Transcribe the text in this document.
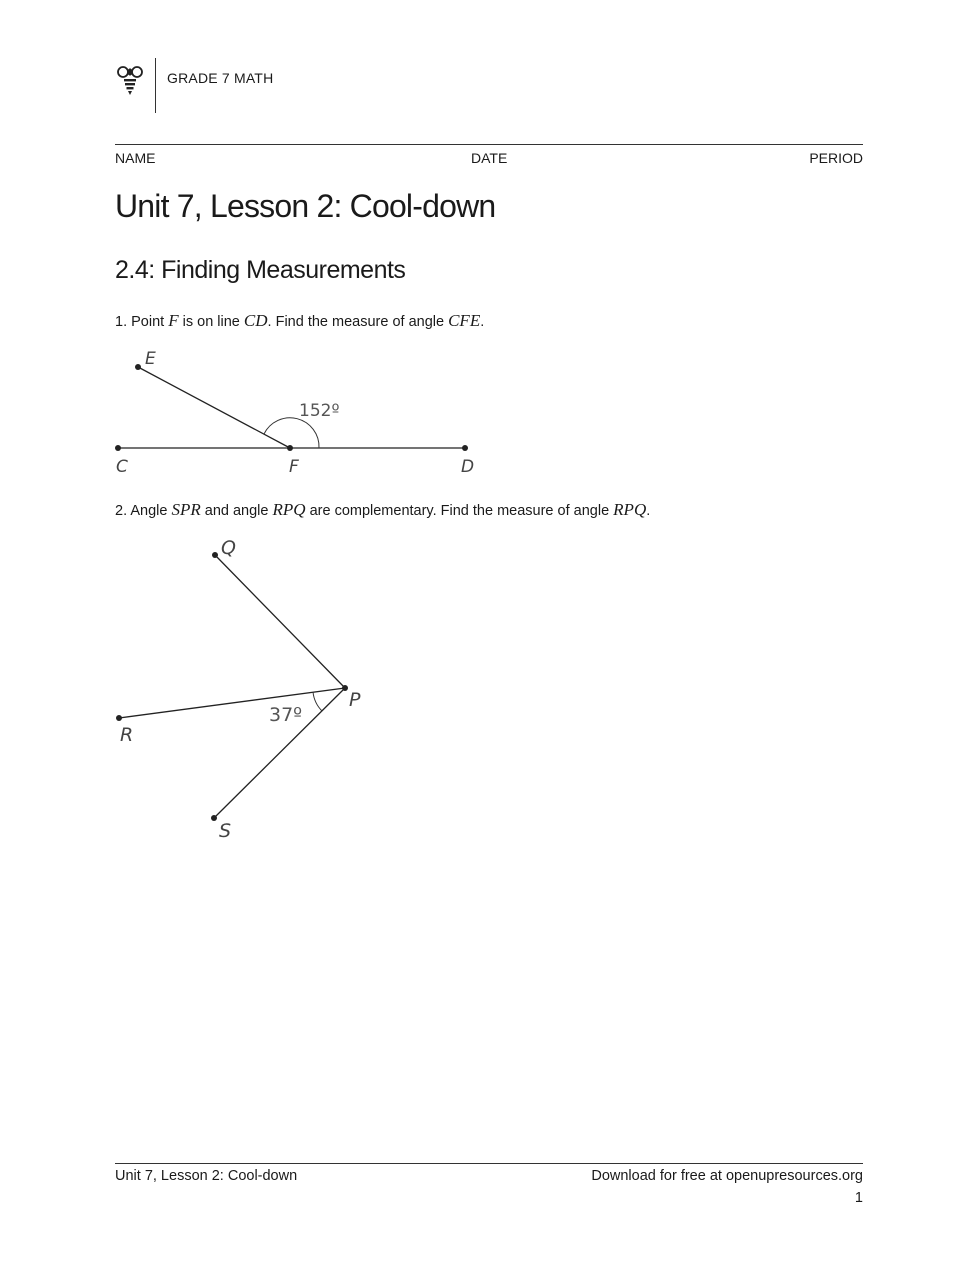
GRADE 7 MATH
NAME	DATE	PERIOD
Unit 7, Lesson 2: Cool-down
2.4: Finding Measurements
1. Point F is on line CD. Find the measure of angle CFE.
E
C	F	D
152º
Q
P
R
S
37º
2. Angle SPR and angle RPQ are complementary. Find the measure of angle RPQ.
Unit 7, Lesson 2: Cool-down	Download for free at openupresources.org
1
